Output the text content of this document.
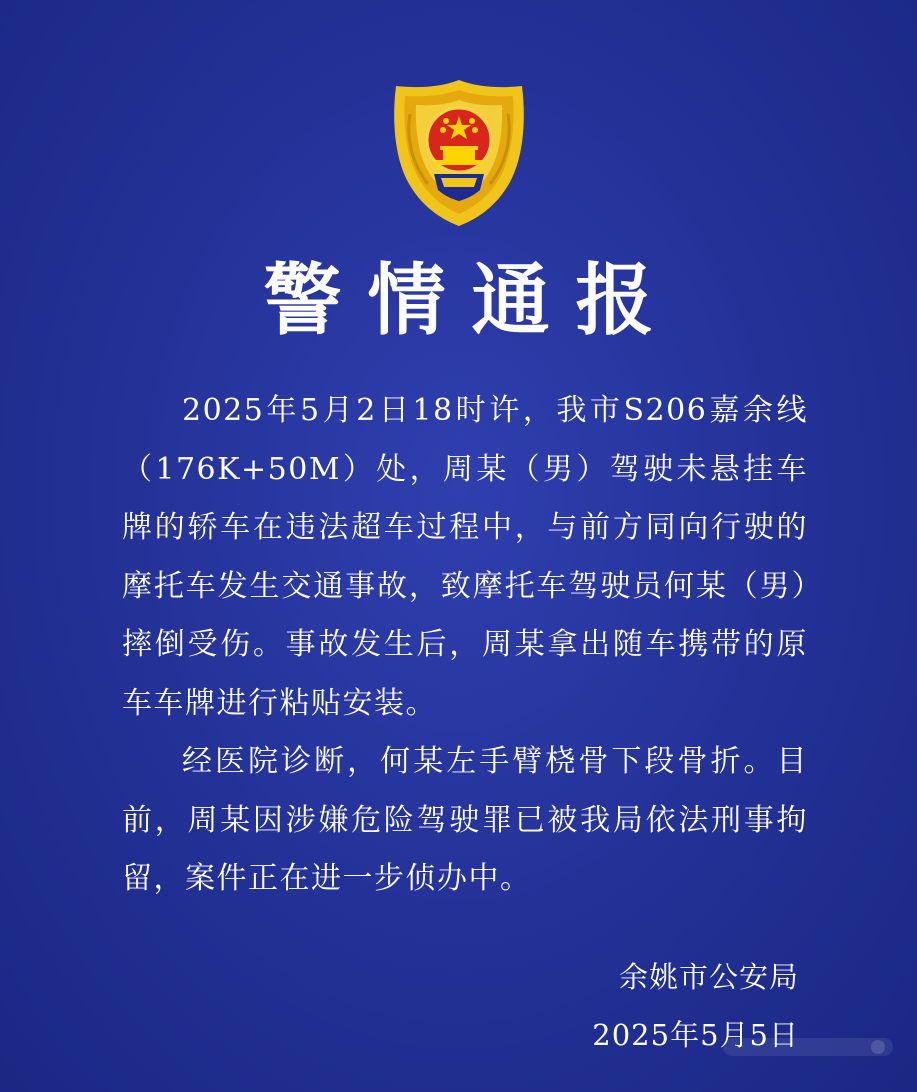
警情通报

2025年5月2日18时许，我市S206嘉余线（176K+50M）处，周某（男）驾驶未悬挂车牌的轿车在违法超车过程中，与前方同向行驶的摩托车发生交通事故，致摩托车驾驶员何某（男）摔倒受伤。事故发生后，周某拿出随车携带的原车车牌进行粘贴安装。

经医院诊断，何某左手臂桡骨下段骨折。目前，周某因涉嫌危险驾驶罪已被我局依法刑事拘留，案件正在进一步侦办中。

余姚市公安局
2025年5月5日
